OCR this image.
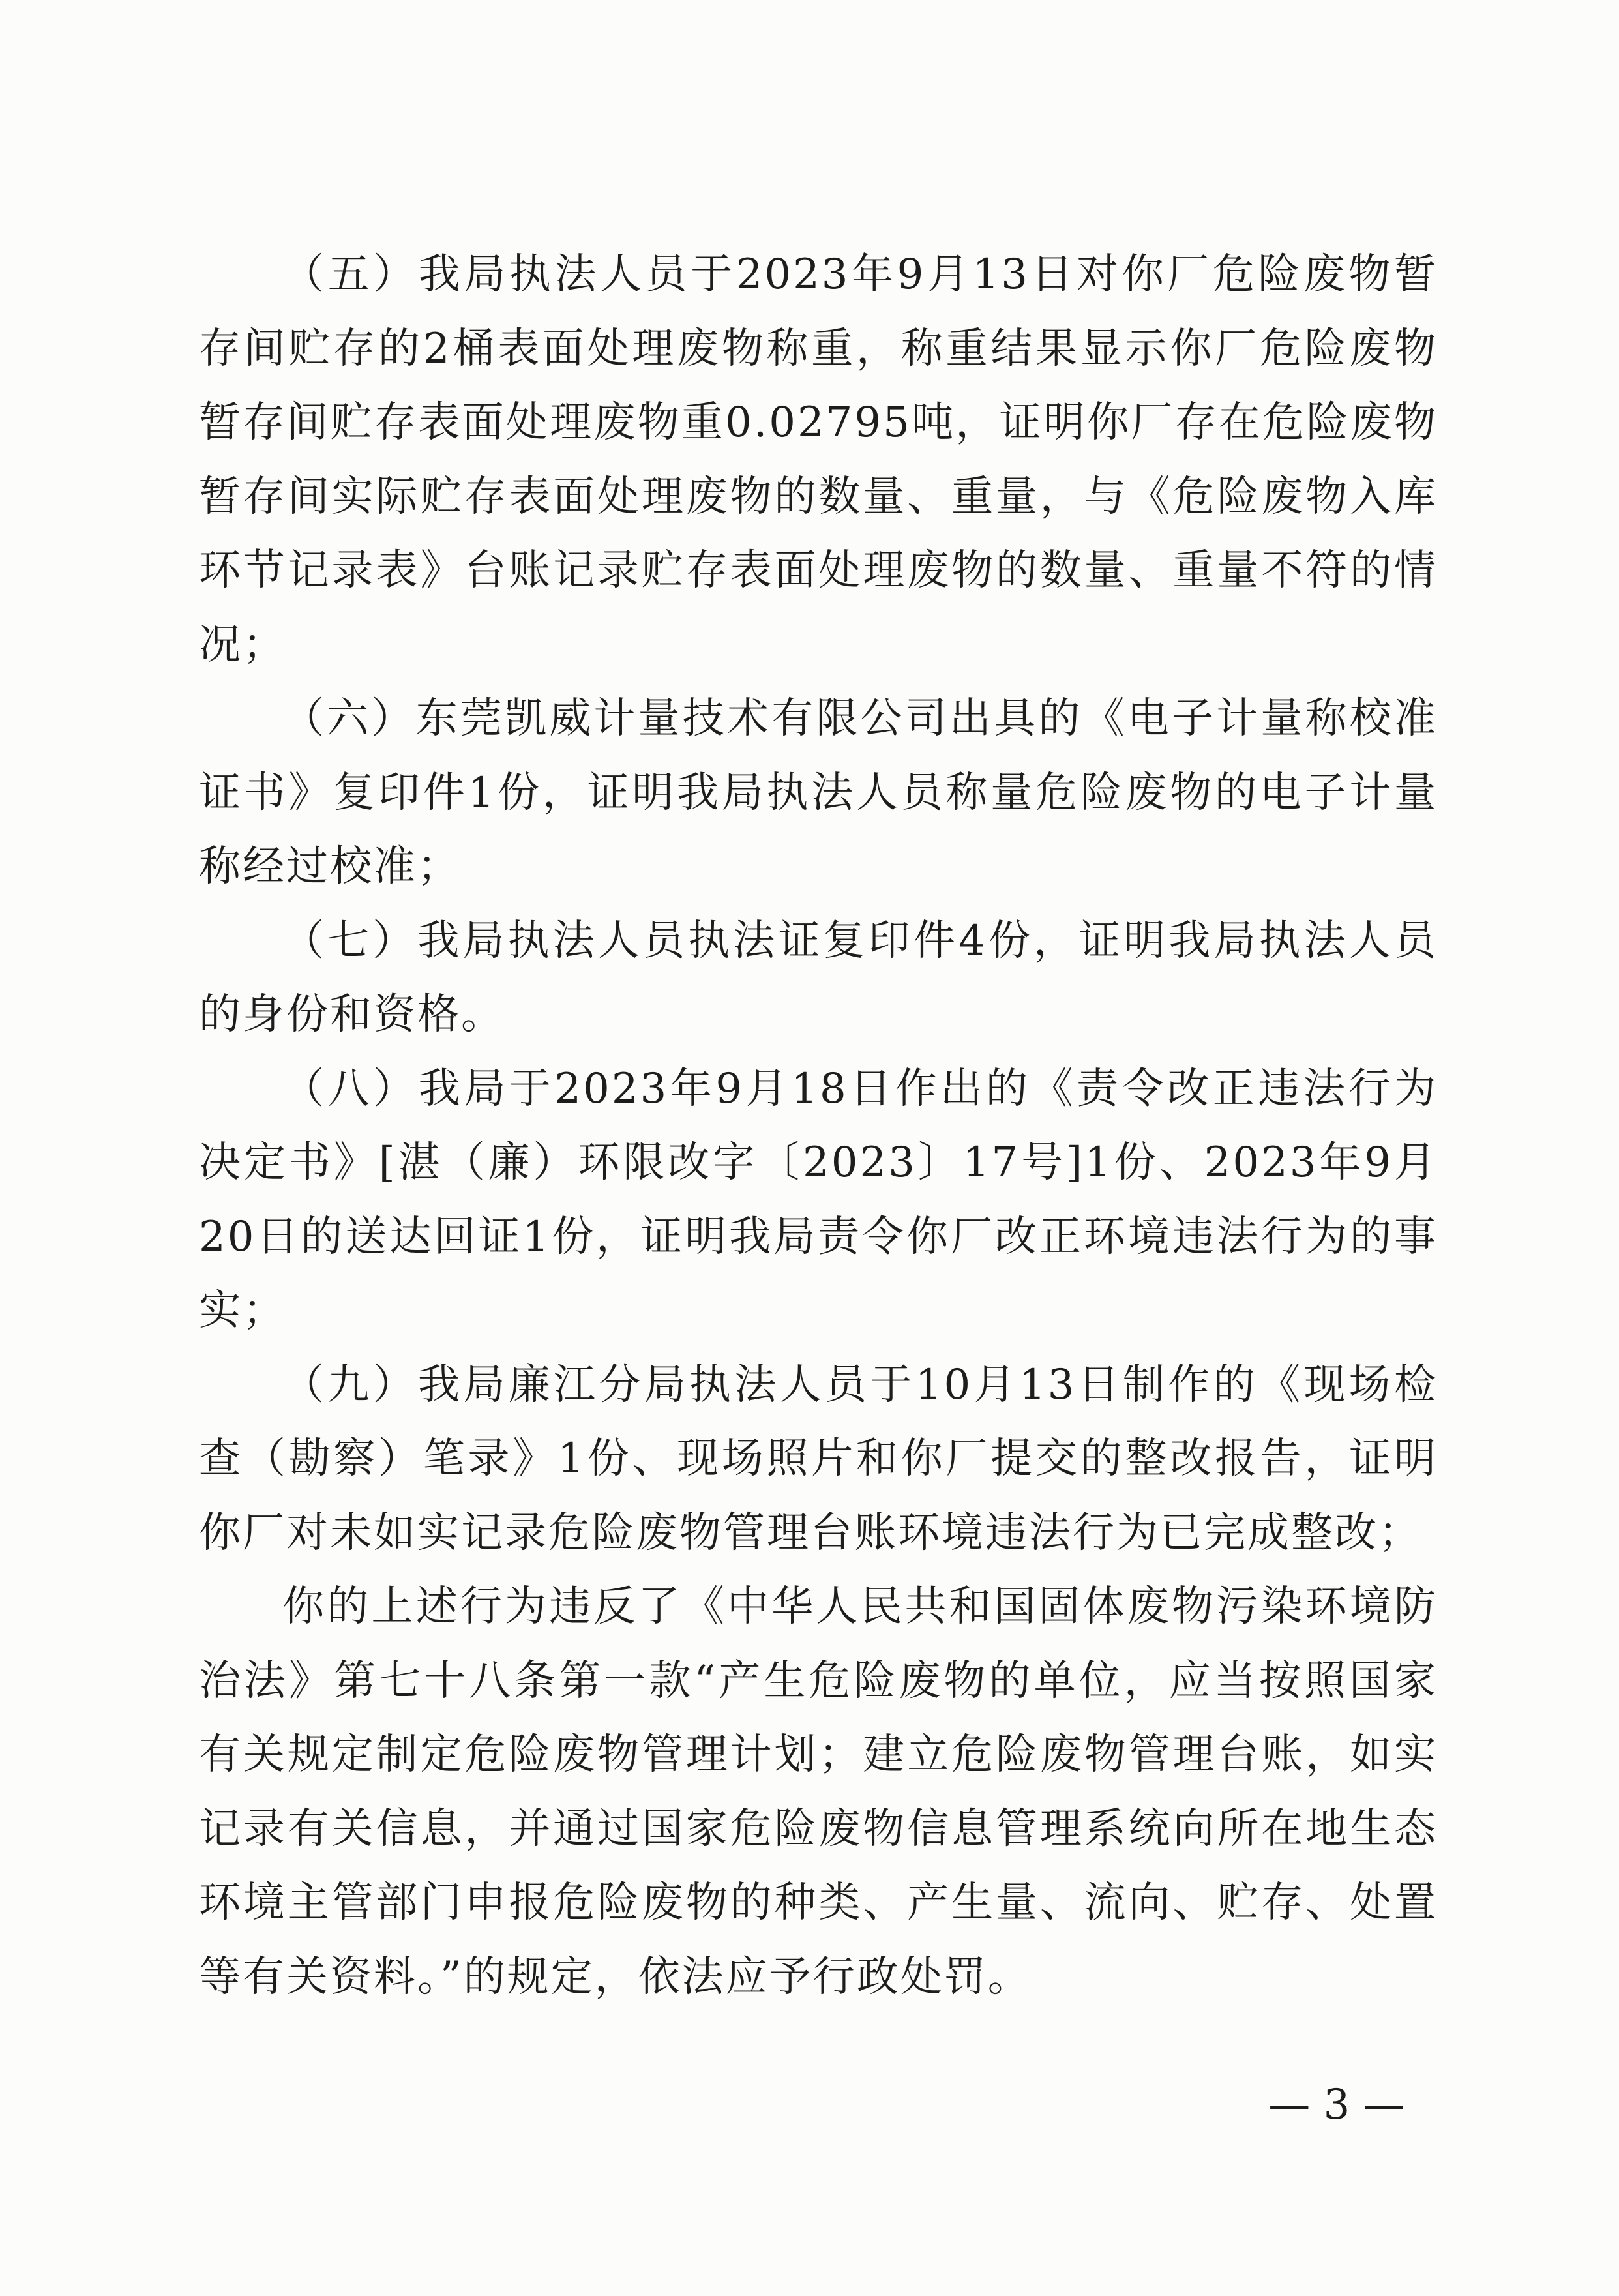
（五）我局执法人员于2023年9月13日对你厂危险废物暂存间贮存的2桶表面处理废物称重，称重结果显示你厂危险废物暂存间贮存表面处理废物重0.02795吨，证明你厂存在危险废物暂存间实际贮存表面处理废物的数量、重量，与《危险废物入库环节记录表》台账记录贮存表面处理废物的数量、重量不符的情况；

（六）东莞凯威计量技术有限公司出具的《电子计量称校准证书》复印件1份，证明我局执法人员称量危险废物的电子计量称经过校准；

（七）我局执法人员执法证复印件4份，证明我局执法人员的身份和资格。

（八）我局于2023年9月18日作出的《责令改正违法行为决定书》[湛（廉）环限改字〔2023〕17号]1份、2023年9月20日的送达回证1份，证明我局责令你厂改正环境违法行为的事实；

（九）我局廉江分局执法人员于10月13日制作的《现场检查（勘察）笔录》1份、现场照片和你厂提交的整改报告，证明你厂对未如实记录危险废物管理台账环境违法行为已完成整改；

你的上述行为违反了《中华人民共和国固体废物污染环境防治法》第七十八条第一款“产生危险废物的单位，应当按照国家有关规定制定危险废物管理计划；建立危险废物管理台账，如实记录有关信息，并通过国家危险废物信息管理系统向所在地生态环境主管部门申报危险废物的种类、产生量、流向、贮存、处置等有关资料。”的规定，依法应予行政处罚。

— 3 —
